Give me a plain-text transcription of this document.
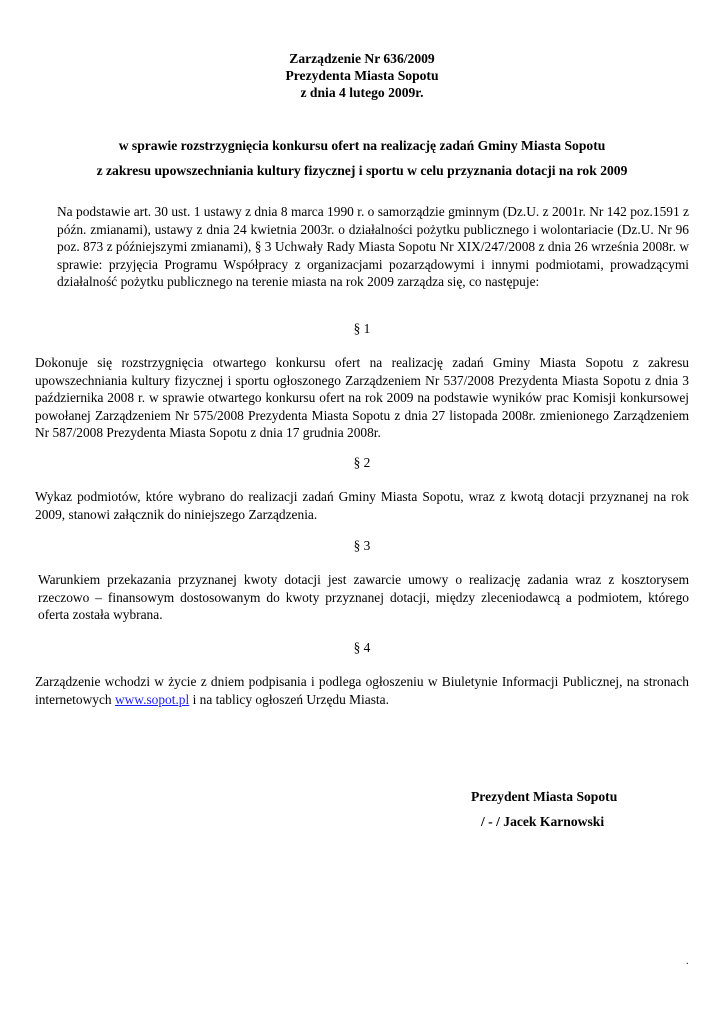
Zarządzenie Nr 636/2009
Prezydenta Miasta Sopotu
z dnia 4 lutego 2009r.
w sprawie rozstrzygnięcia konkursu ofert na realizację zadań Gminy Miasta Sopotu
z zakresu upowszechniania kultury fizycznej i sportu w celu przyznania dotacji na rok 2009
Na podstawie art. 30 ust. 1 ustawy z dnia 8 marca 1990 r. o samorządzie gminnym (Dz.U. z 2001r. Nr 142 poz.1591 z późn. zmianami), ustawy z dnia 24 kwietnia 2003r. o działalności pożytku publicznego i wolontariacie (Dz.U. Nr 96 poz. 873 z późniejszymi zmianami), § 3 Uchwały Rady Miasta Sopotu Nr XIX/247/2008 z dnia 26 września 2008r. w sprawie: przyjęcia Programu Współpracy z organizacjami pozarządowymi i innymi podmiotami, prowadzącymi działalność pożytku publicznego na terenie miasta na rok 2009 zarządza się, co następuje:
§ 1
Dokonuje się rozstrzygnięcia otwartego konkursu ofert na realizację zadań Gminy Miasta Sopotu z zakresu upowszechniania kultury fizycznej i sportu ogłoszonego Zarządzeniem Nr 537/2008 Prezydenta Miasta Sopotu z dnia 3 października 2008 r. w sprawie otwartego konkursu ofert na rok 2009 na podstawie wyników prac Komisji konkursowej powołanej Zarządzeniem Nr 575/2008 Prezydenta Miasta Sopotu z dnia 27 listopada 2008r. zmienionego Zarządzeniem Nr 587/2008 Prezydenta Miasta Sopotu z dnia 17 grudnia 2008r.
§ 2
Wykaz podmiotów, które wybrano do realizacji zadań Gminy Miasta Sopotu, wraz z kwotą dotacji przyznanej na rok 2009, stanowi załącznik do niniejszego Zarządzenia.
§ 3
Warunkiem przekazania przyznanej kwoty dotacji jest zawarcie umowy o realizację zadania wraz z kosztorysem rzeczowo – finansowym dostosowanym do kwoty przyznanej dotacji, między zleceniodawcą a podmiotem, którego oferta została wybrana.
§ 4
Zarządzenie wchodzi w życie z dniem podpisania i podlega ogłoszeniu w Biuletynie Informacji Publicznej, na stronach internetowych www.sopot.pl i na tablicy ogłoszeń Urzędu Miasta.
Prezydent Miasta Sopotu
/ - / Jacek Karnowski
.
